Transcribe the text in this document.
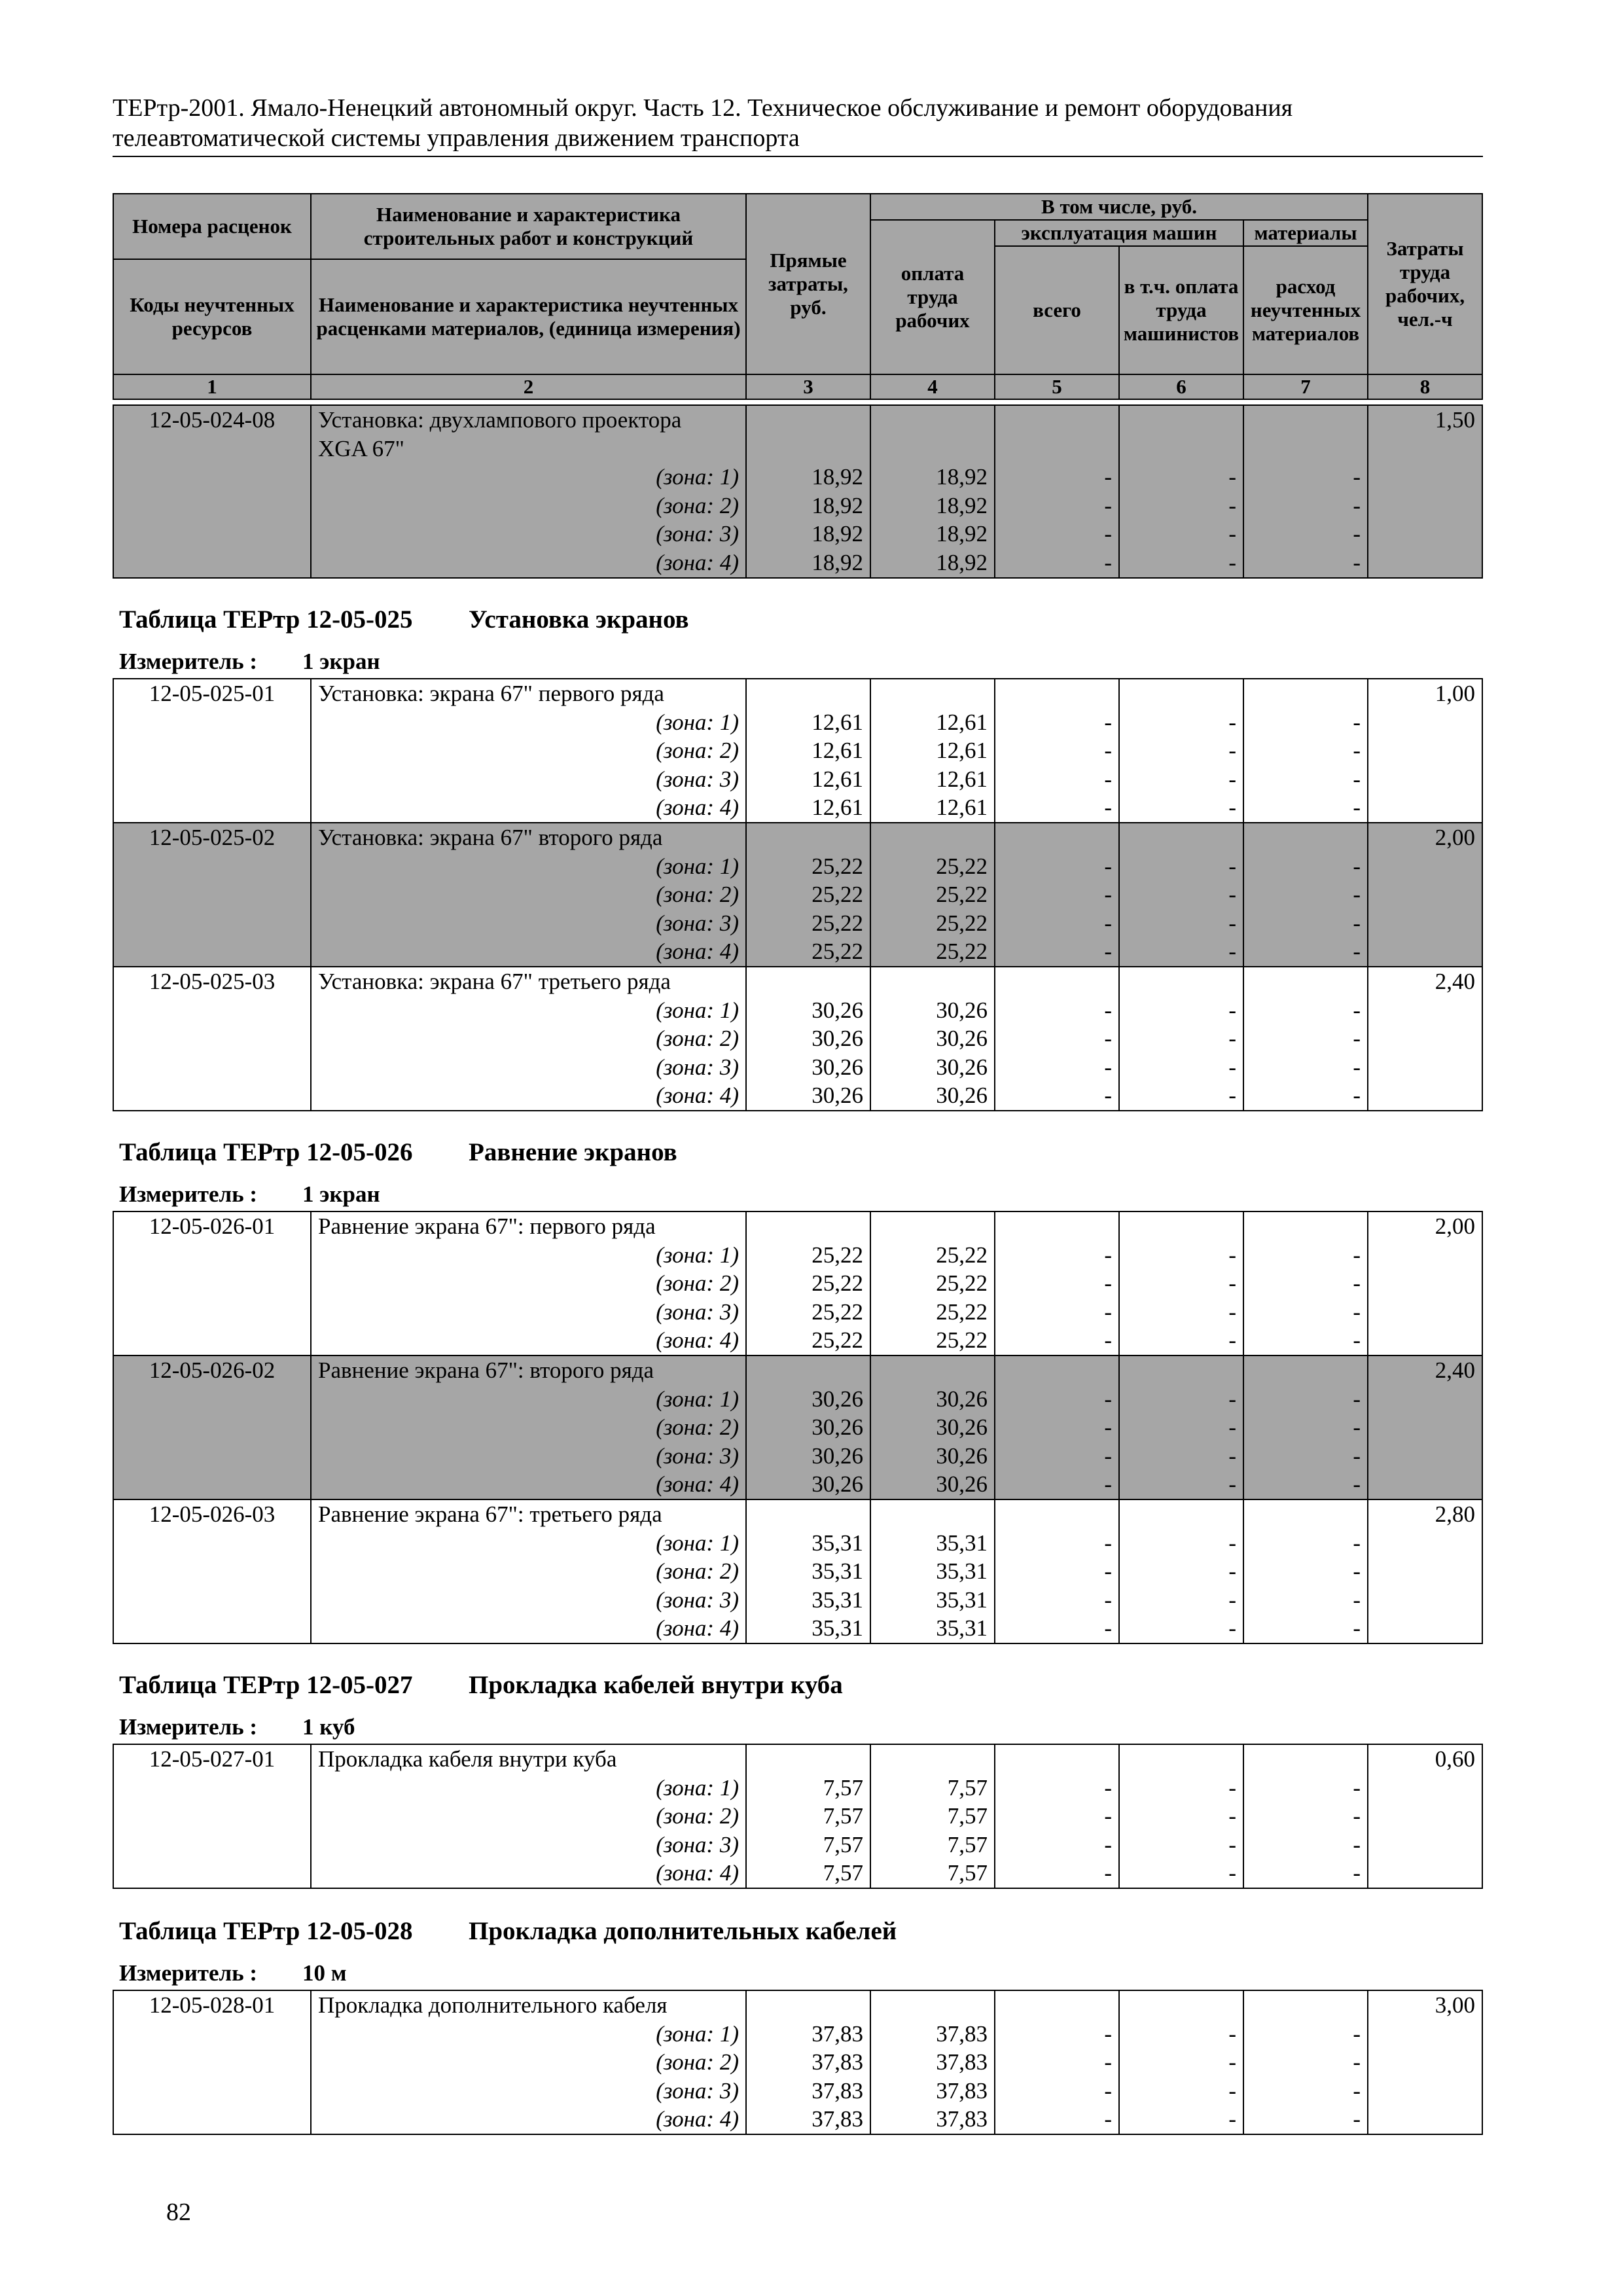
ТЕРтр-2001. Ямало-Ненецкий автономный округ. Часть 12. Техническое обслуживание и ремонт оборудования телеавтоматической системы управления движением транспорта
Номера расценок	Наименование и характеристика строительных работ и конструкций	Прямые затраты, руб.	В том числе, руб.				Затраты труда рабочих, чел.-ч
			оплата труда рабочих	эксплуатация машин		материалы	
				всего	в т.ч. оплата труда машинистов	расход неучтенных материалов	
Коды неучтенных ресурсов	Наименование и характеристика неучтенных расценками материалов, (единица измерения)						

1	2	3	4	5	6	7	8
12-05-024-08	Установка: двухлампового проектора						1,50
	XGA 67"						
	(зона: 1)	18,92	18,92	-	-	-	
	(зона: 2)	18,92	18,92	-	-	-	
	(зона: 3)	18,92	18,92	-	-	-	
	(зона: 4)	18,92	18,92	-	-	-	
Таблица ТЕРтр 12-05-025 Установка экранов
Измеритель : 1 экран
12-05-025-01	Установка: экрана 67" первого ряда						1,00
	(зона: 1)	12,61	12,61	-	-	-	
	(зона: 2)	12,61	12,61	-	-	-	
	(зона: 3)	12,61	12,61	-	-	-	
	(зона: 4)	12,61	12,61	-	-	-	
12-05-025-02	Установка: экрана 67" второго ряда						2,00
	(зона: 1)	25,22	25,22	-	-	-	
	(зона: 2)	25,22	25,22	-	-	-	
	(зона: 3)	25,22	25,22	-	-	-	
	(зона: 4)	25,22	25,22	-	-	-	
12-05-025-03	Установка: экрана 67" третьего ряда						2,40
	(зона: 1)	30,26	30,26	-	-	-	
	(зона: 2)	30,26	30,26	-	-	-	
	(зона: 3)	30,26	30,26	-	-	-	
	(зона: 4)	30,26	30,26	-	-	-	
Таблица ТЕРтр 12-05-026 Равнение экранов
Измеритель : 1 экран
12-05-026-01	Равнение экрана 67": первого ряда						2,00
	(зона: 1)	25,22	25,22	-	-	-	
	(зона: 2)	25,22	25,22	-	-	-	
	(зона: 3)	25,22	25,22	-	-	-	
	(зона: 4)	25,22	25,22	-	-	-	
12-05-026-02	Равнение экрана 67": второго ряда						2,40
	(зона: 1)	30,26	30,26	-	-	-	
	(зона: 2)	30,26	30,26	-	-	-	
	(зона: 3)	30,26	30,26	-	-	-	
	(зона: 4)	30,26	30,26	-	-	-	
12-05-026-03	Равнение экрана 67": третьего ряда						2,80
	(зона: 1)	35,31	35,31	-	-	-	
	(зона: 2)	35,31	35,31	-	-	-	
	(зона: 3)	35,31	35,31	-	-	-	
	(зона: 4)	35,31	35,31	-	-	-	
Таблица ТЕРтр 12-05-027 Прокладка кабелей внутри куба
Измеритель : 1 куб
12-05-027-01	Прокладка кабеля внутри куба						0,60
	(зона: 1)	7,57	7,57	-	-	-	
	(зона: 2)	7,57	7,57	-	-	-	
	(зона: 3)	7,57	7,57	-	-	-	
	(зона: 4)	7,57	7,57	-	-	-	
Таблица ТЕРтр 12-05-028 Прокладка дополнительных кабелей
Измеритель : 10 м
12-05-028-01	Прокладка дополнительного кабеля						3,00
	(зона: 1)	37,83	37,83	-	-	-	
	(зона: 2)	37,83	37,83	-	-	-	
	(зона: 3)	37,83	37,83	-	-	-	
	(зона: 4)	37,83	37,83	-	-	-	
82
